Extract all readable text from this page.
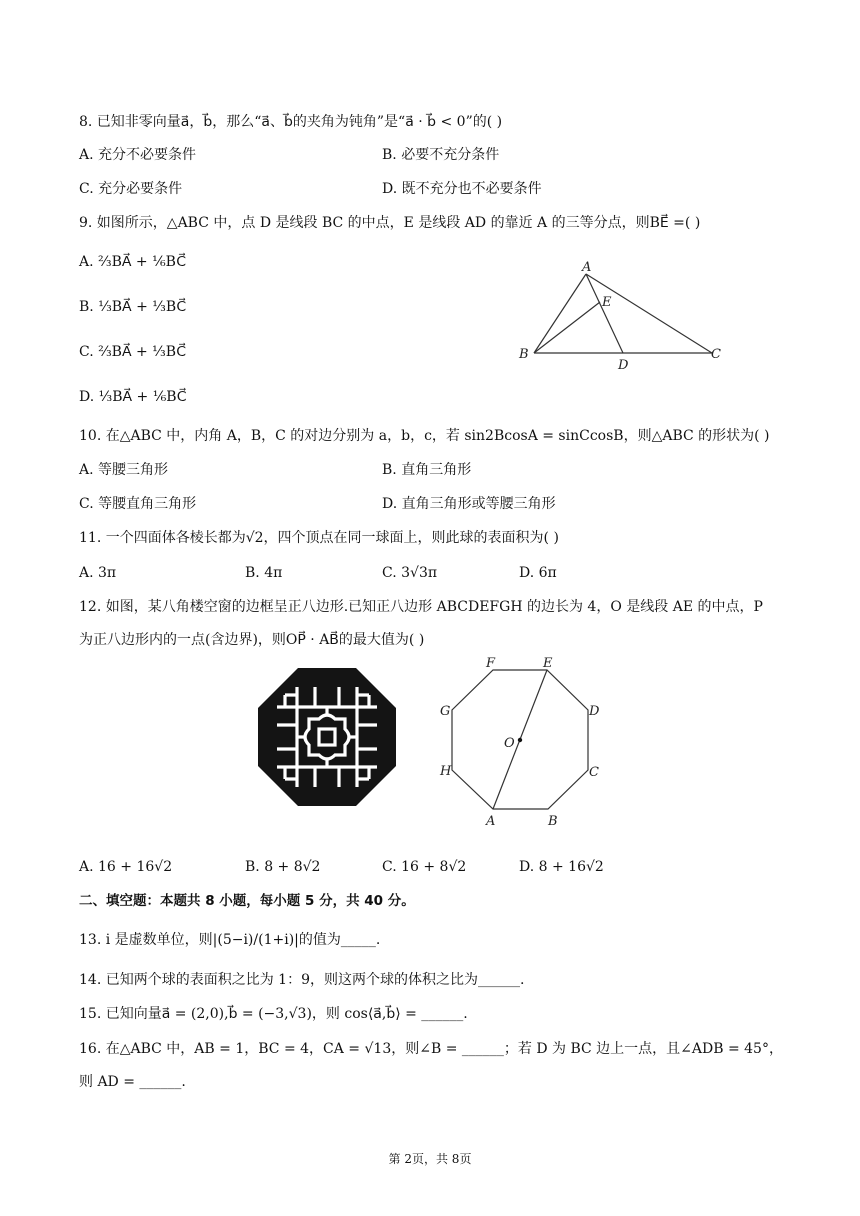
8. 已知非零向量a⃗，b⃗，那么“a⃗、b⃗的夹角为钝角”是“a⃗ · b⃗ < 0”的( )
A. 充分不必要条件	B. 必要不充分条件
C. 充分必要条件	D. 既不充分也不必要条件
9. 如图所示，△ABC 中，点 D 是线段 BC 的中点，E 是线段 AD 的靠近 A 的三等分点，则BE⃗ =( )
A. ⅔BA⃗ + ⅙BC⃗
B. ⅓BA⃗ + ⅓BC⃗
C. ⅔BA⃗ + ⅓BC⃗
D. ⅓BA⃗ + ⅙BC⃗
A
B	C
D
E
10. 在△ABC 中，内角 A，B，C 的对边分别为 a，b，c，若 sin2BcosA = sinCcosB，则△ABC 的形状为( )
A. 等腰三角形	B. 直角三角形
C. 等腰直角三角形	D. 直角三角形或等腰三角形
11. 一个四面体各棱长都为√2，四个顶点在同一球面上，则此球的表面积为( )
A. 3π	B. 4π	C. 3√3π	D. 6π
12. 如图，某八角楼空窗的边框呈正八边形.已知正八边形 ABCDEFGH 的边长为 4，O 是线段 AE 的中点，P
为正八边形内的一点(含边界)，则OP⃗ · AB⃗的最大值为( )
A	B
C
D
E
F
G
H
O
A. 16 + 16√2	B. 8 + 8√2	C. 16 + 8√2	D. 8 + 16√2
二、填空题：本题共 8 小题，每小题 5 分，共 40 分。
13. i 是虚数单位，则|(5−i)/(1+i)|的值为_____.
14. 已知两个球的表面积之比为 1：9，则这两个球的体积之比为______.
15. 已知向量a⃗ = (2,0),b⃗ = (−3,√3)，则 cos⟨a⃗,b⃗⟩ = ______.
16. 在△ABC 中，AB = 1，BC = 4，CA = √13，则∠B = ______；若 D 为 BC 边上一点，且∠ADB = 45°，
则 AD = ______.
第 2页，共 8页
